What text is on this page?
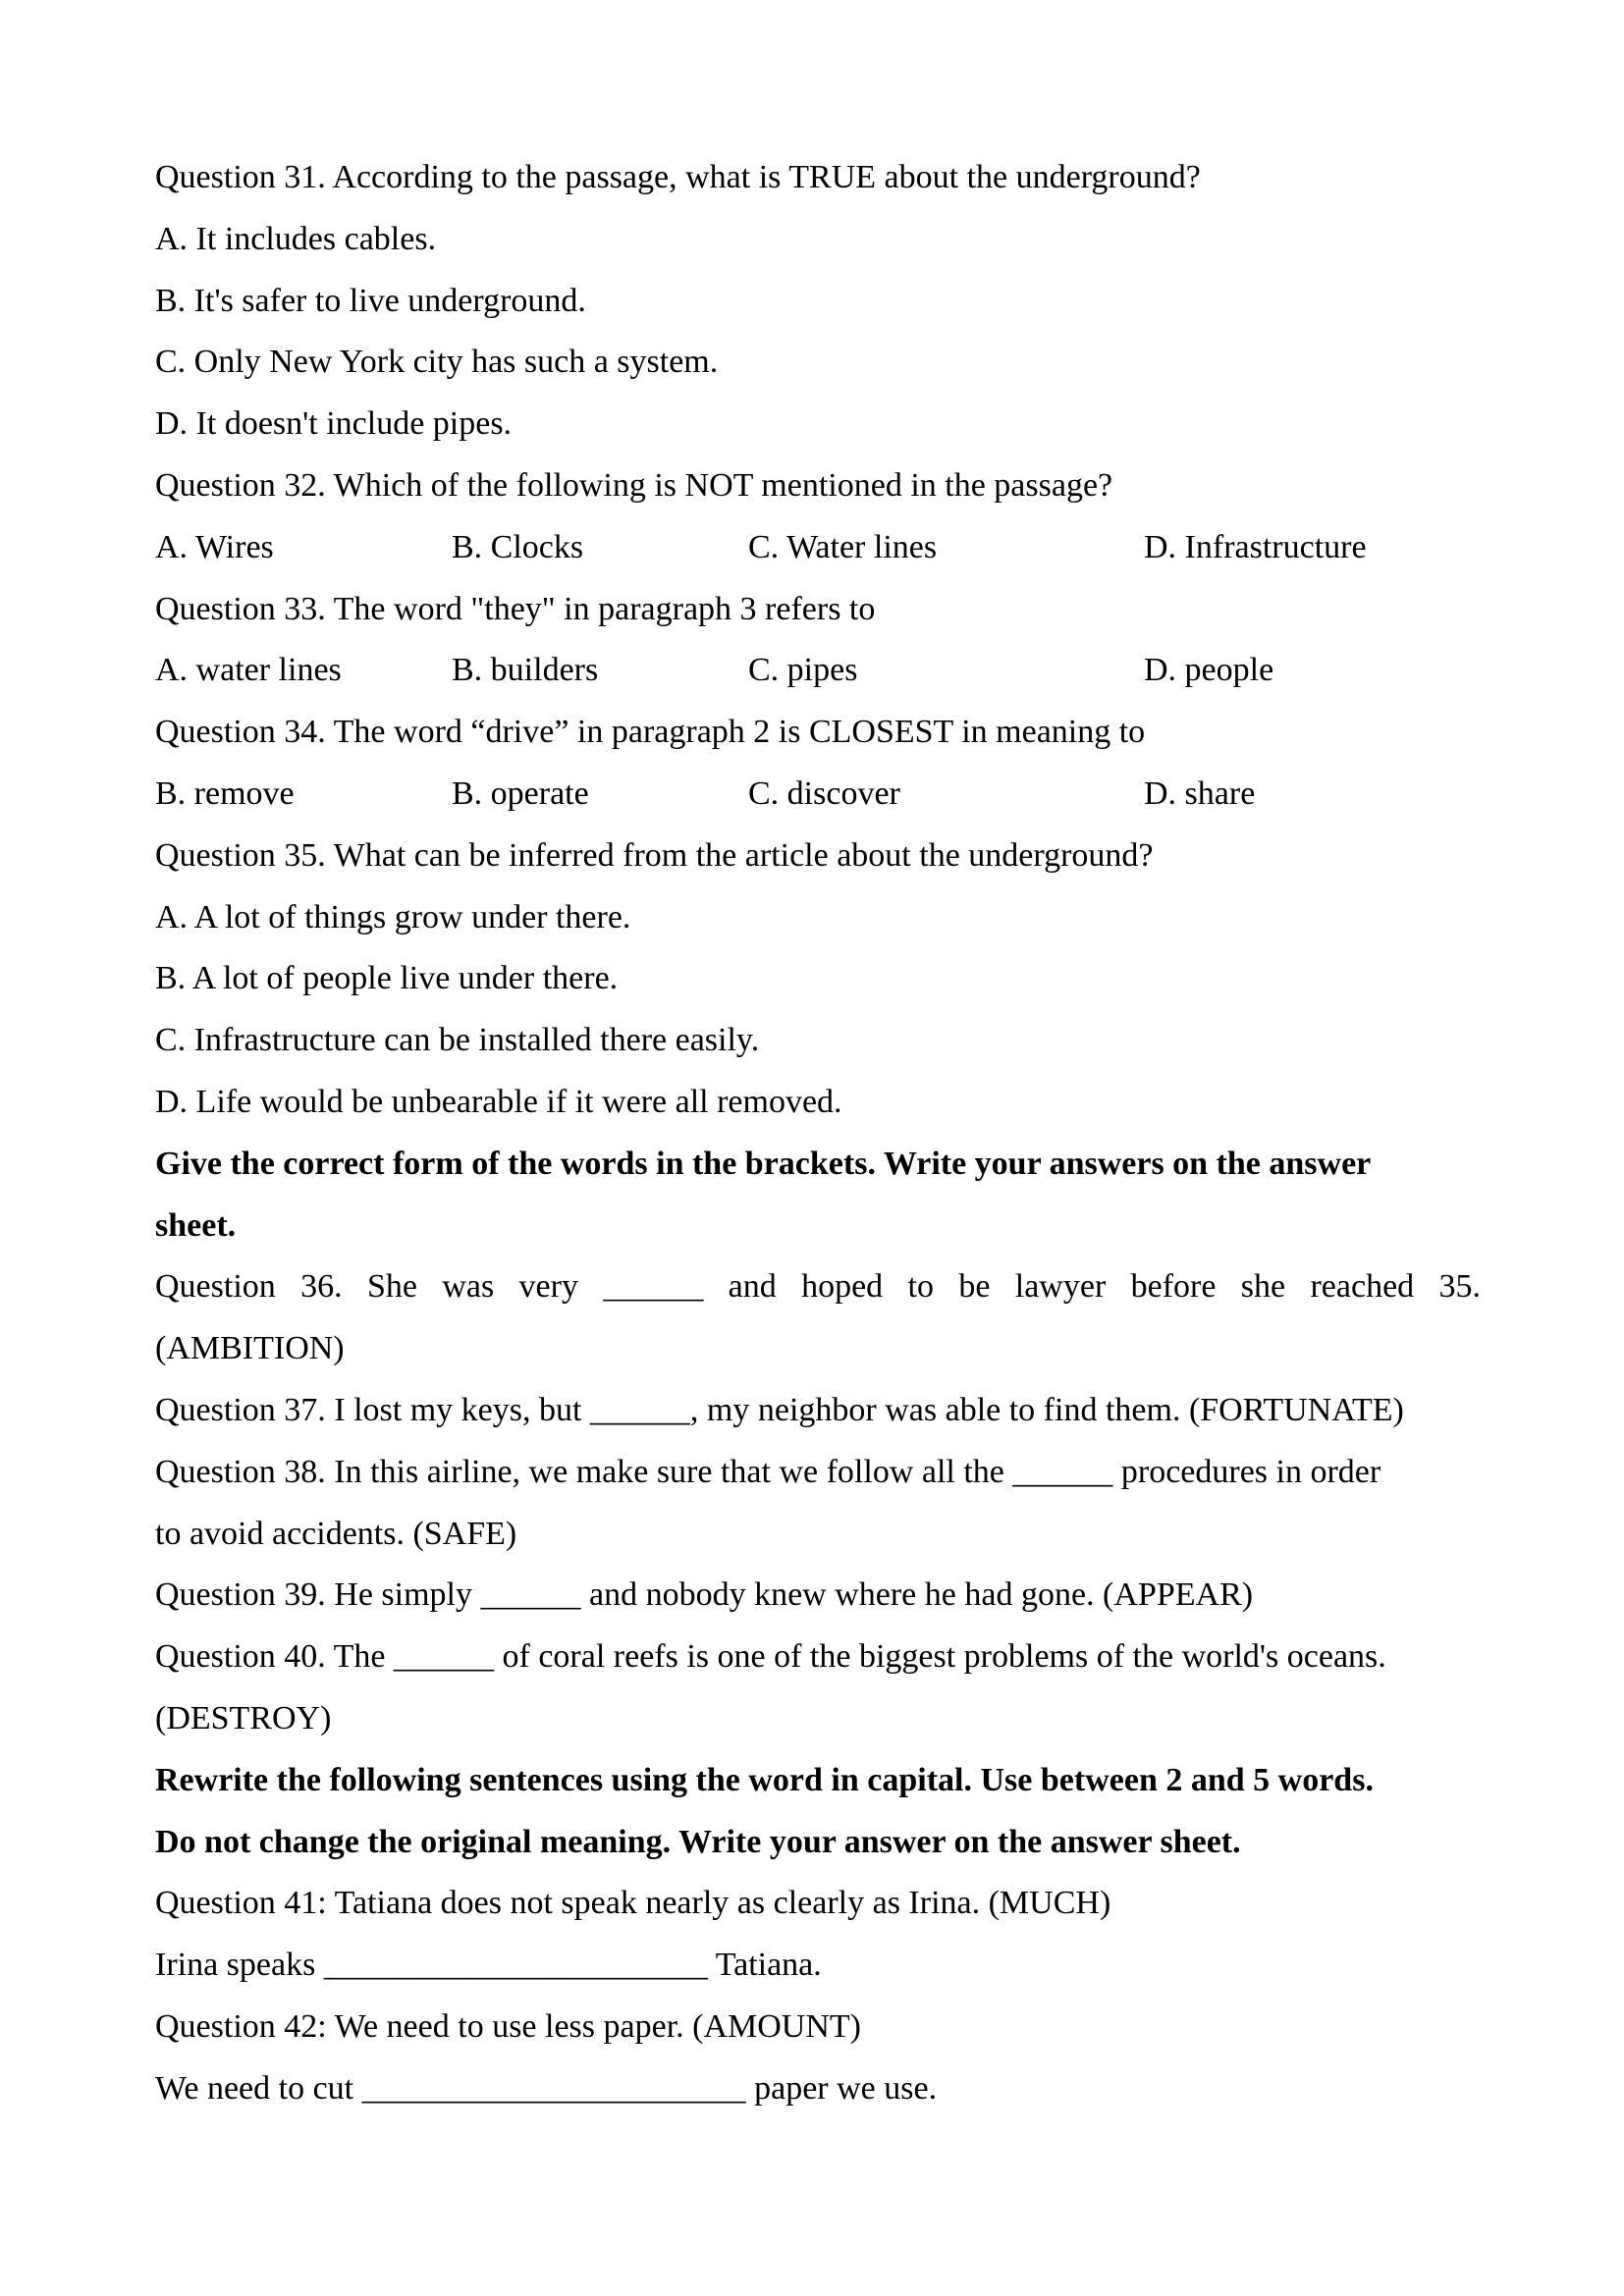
Question 31. According to the passage, what is TRUE about the underground?
A. It includes cables.
B. It's safer to live underground.
C. Only New York city has such a system.
D. It doesn't include pipes.
Question 32. Which of the following is NOT mentioned in the passage?
A. Wires	B. Clocks	C. Water lines	D. Infrastructure
Question 33. The word "they" in paragraph 3 refers to
A. water lines	B. builders	C. pipes	D. people
Question 34. The word “drive” in paragraph 2 is CLOSEST in meaning to
B. remove	B. operate	C. discover	D. share
Question 35. What can be inferred from the article about the underground?
A. A lot of things grow under there.
B. A lot of people live under there.
C. Infrastructure can be installed there easily.
D. Life would be unbearable if it were all removed.
Give the correct form of the words in the brackets. Write your answers on the answer
sheet.
Question 36. She was very ______ and hoped to be lawyer before she reached 35.
(AMBITION)
Question 37. I lost my keys, but ______, my neighbor was able to find them. (FORTUNATE)
Question 38. In this airline, we make sure that we follow all the ______ procedures in order
to avoid accidents. (SAFE)
Question 39. He simply ______ and nobody knew where he had gone. (APPEAR)
Question 40. The ______ of coral reefs is one of the biggest problems of the world's oceans.
(DESTROY)
Rewrite the following sentences using the word in capital. Use between 2 and 5 words.
Do not change the original meaning. Write your answer on the answer sheet.
Question 41: Tatiana does not speak nearly as clearly as Irina. (MUCH)
Irina speaks _______________________ Tatiana.
Question 42: We need to use less paper. (AMOUNT)
We need to cut _______________________ paper we use.
